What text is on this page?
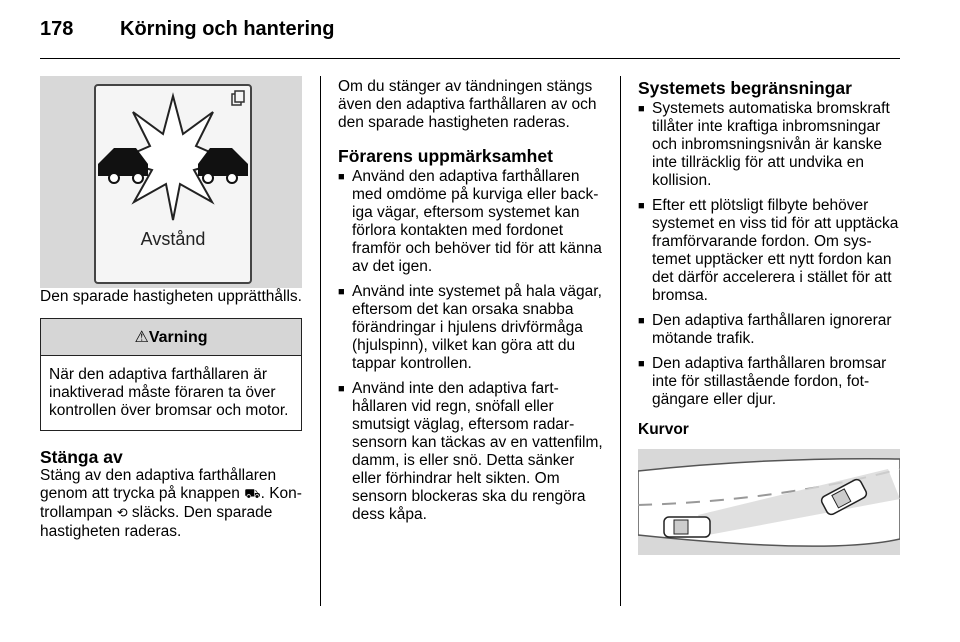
178 Körning och hantering
Avstånd

Den sparade hastigheten upprätthålls.

⚠Varning
När den adaptiva farthållaren är inaktiverad måste föraren ta över kontrollen över bromsar och motor.
Stänga av

Stäng av den adaptiva farthållaren genom att trycka på knappen ⛟. Kontrollampan ⟲ släcks. Den sparade hastigheten raderas.

Om du stänger av tändningen stängs även den adaptiva farthållaren av och den sparade hastigheten raderas.

Förarens uppmärksamhet
■ Använd den adaptiva farthållaren med omdöme på kurviga eller backiga vägar, eftersom systemet kan förlora kontakten med fordonet framför och behöver tid för att känna av det igen.
■ Använd inte systemet på hala vägar, eftersom det kan orsaka snabba förändringar i hjulens drivförmåga (hjulspinn), vilket kan göra att du tappar kontrollen.
■ Använd inte den adaptiva farthållaren vid regn, snöfall eller smutsigt väglag, eftersom radarsensorn kan täckas av en vattenfilm, damm, is eller snö. Detta sänker eller förhindrar helt sikten. Om sensorn blockeras ska du rengöra dess kåpa.
Systemets begränsningar
■ Systemets automatiska bromskraft tillåter inte kraftiga inbromsningar och inbromsningsnivån är kanske inte tillräcklig för att undvika en kollision.
■ Efter ett plötsligt filbyte behöver systemet en viss tid för att upptäcka framförvarande fordon. Om systemet upptäcker ett nytt fordon kan det därför accelerera i stället för att bromsa.
■ Den adaptiva farthållaren ignorerar mötande trafik.
■ Den adaptiva farthållaren bromsar inte för stillastående fordon, fotgängare eller djur.
Kurvor
